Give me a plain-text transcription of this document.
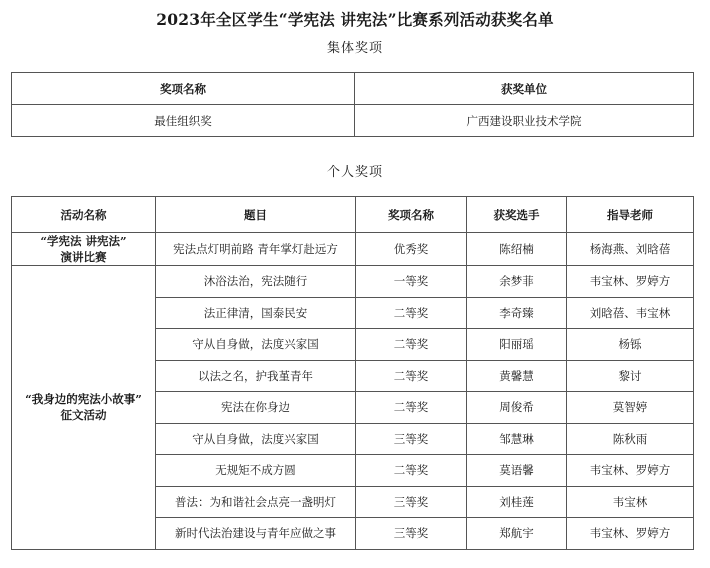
2023年全区学生“学宪法 讲宪法”比赛系列活动获奖名单
集体奖项
奖项名称	获奖单位
最佳组织奖	广西建设职业技术学院
个人奖项
活动名称	题目	奖项名称	获奖选手	指导老师

“学宪法 讲宪法”
演讲比赛	宪法点灯明前路 青年掌灯赴远方	优秀奖	陈绍楠	杨海燕、刘晗蓓

“我身边的宪法小故事”
征文活动	沐浴法治，宪法随行	一等奖	余梦菲	韦宝林、罗婷方
	法正律清，国泰民安	二等奖	李奇臻	刘晗蓓、韦宝林
	守从自身做，法度兴家国	二等奖	阳丽瑶	杨铄
	以法之名，护我堇青年	二等奖	黄馨慧	黎讨
	宪法在你身边	二等奖	周俊希	莫智婷
	守从自身做，法度兴家国	三等奖	邹慧琳	陈秋雨
	无规矩不成方圆	二等奖	莫语馨	韦宝林、罗婷方
	普法：为和谐社会点亮一盏明灯	三等奖	刘桂莲	韦宝林
	新时代法治建设与青年应做之事	三等奖	郑航宇	韦宝林、罗婷方
